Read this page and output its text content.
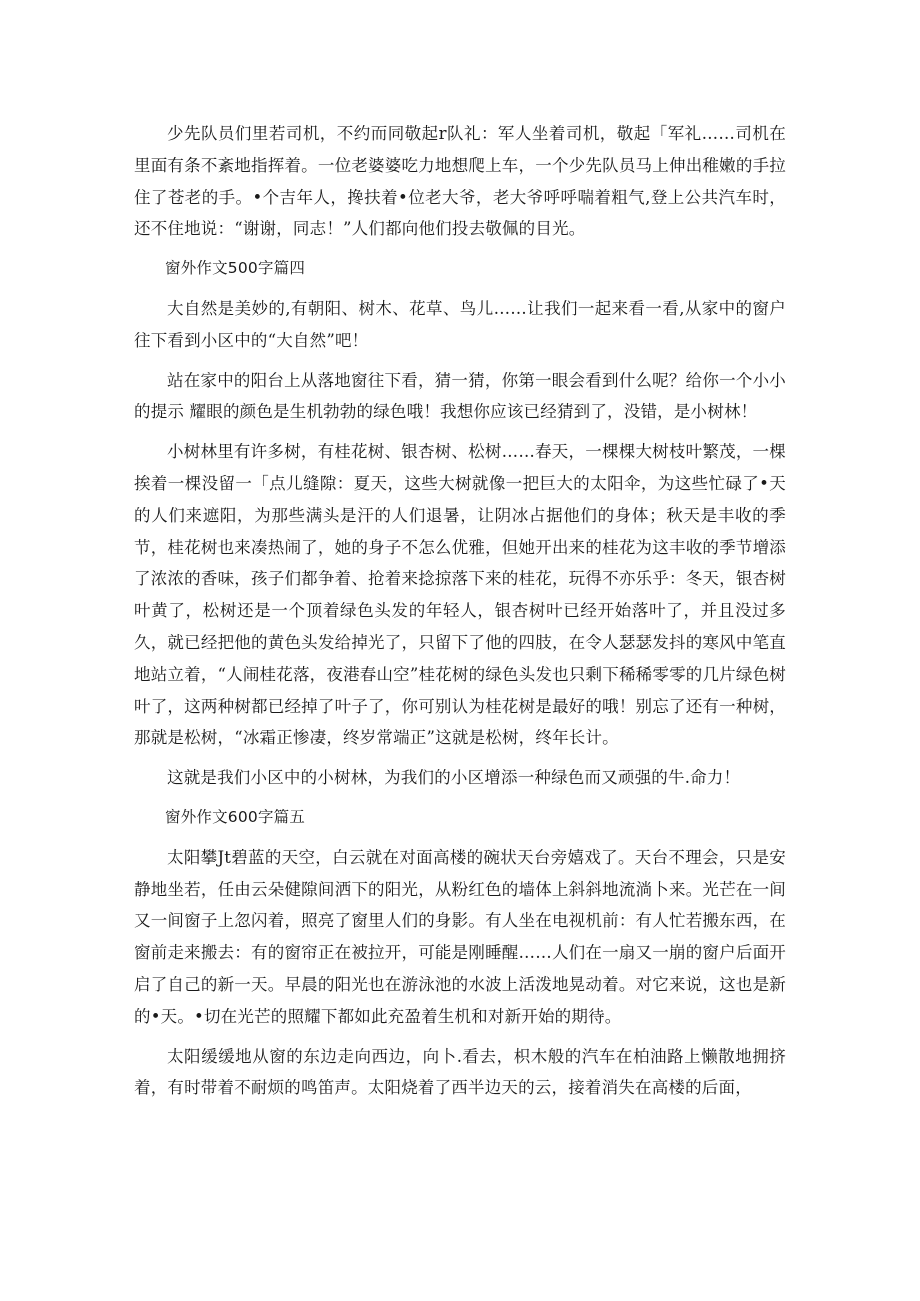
少先队员们里若司机，不约而同敬起r队礼：军人坐着司机，敬起「军礼……司机在里面有条不紊地指挥着。一位老婆婆吃力地想爬上车，一个少先队员马上伸出稚嫩的手拉住了苍老的手。•个吉年人，搀扶着•位老大爷，老大爷呼呼喘着粗气,登上公共汽车时，还不住地说：“谢谢，同志！”人们都向他们投去敬佩的目光。

窗外作文500字篇四

大自然是美妙的,有朝阳、树木、花草、鸟儿……让我们一起来看一看,从家中的窗户往下看到小区中的“大自然”吧！

站在家中的阳台上从落地窗往下看，猜一猜，你第一眼会看到什么呢？给你一个小小的提示 耀眼的颜色是生机勃勃的绿色哦！我想你应该已经猜到了，没错，是小树林！

小树林里有许多树，有桂花树、银杏树、松树……春天，一棵棵大树枝叶繁茂，一棵挨着一棵没留一「点儿缝隙：夏天，这些大树就像一把巨大的太阳伞，为这些忙碌了•天的人们来遮阳，为那些满头是汗的人们退暑，让阴冰占据他们的身体；秋天是丰收的季节，桂花树也来凑热闹了，她的身子不怎么优雅，但她开出来的桂花为这丰收的季节增添了浓浓的香味，孩子们都争着、抢着来捻掠落下来的桂花，玩得不亦乐乎：冬天，银杏树叶黄了，松树还是一个顶着绿色头发的年轻人，银杏树叶已经开始落叶了，并且没过多久，就已经把他的黄色头发给掉光了，只留下了他的四肢，在令人瑟瑟发抖的寒风中笔直地站立着，“人闹桂花落，夜港春山空”桂花树的绿色头发也只剩下稀稀零零的几片绿色树叶了，这两种树都已经掉了叶子了，你可别认为桂花树是最好的哦！别忘了还有一种树，那就是松树，“冰霜正惨凄，终岁常端正”这就是松树，终年长计。

这就是我们小区中的小树林，为我们的小区增添一种绿色而又顽强的牛.命力！

窗外作文600字篇五

太阳攀Jt碧蓝的天空，白云就在对面高楼的碗状天台旁嬉戏了。天台不理会，只是安静地坐若，任由云朵健隙间洒下的阳光，从粉红色的墙体上斜斜地流淌卜来。光芒在一间又一间窗子上忽闪着，照亮了窗里人们的身影。有人坐在电视机前：有人忙若搬东西，在窗前走来搬去：有的窗帘正在被拉开，可能是刚睡醒……人们在一扇又一崩的窗户后面开启了自己的新一天。早晨的阳光也在游泳池的水波上活泼地晃动着。对它来说，这也是新的•天。•切在光芒的照耀下都如此充盈着生机和对新开始的期待。

太阳缓缓地从窗的东边走向西边，向卜.看去，枳木般的汽车在柏油路上懒散地拥挤着，有时带着不耐烦的鸣笛声。太阳烧着了西半边天的云，接着消失在高楼的后面，
